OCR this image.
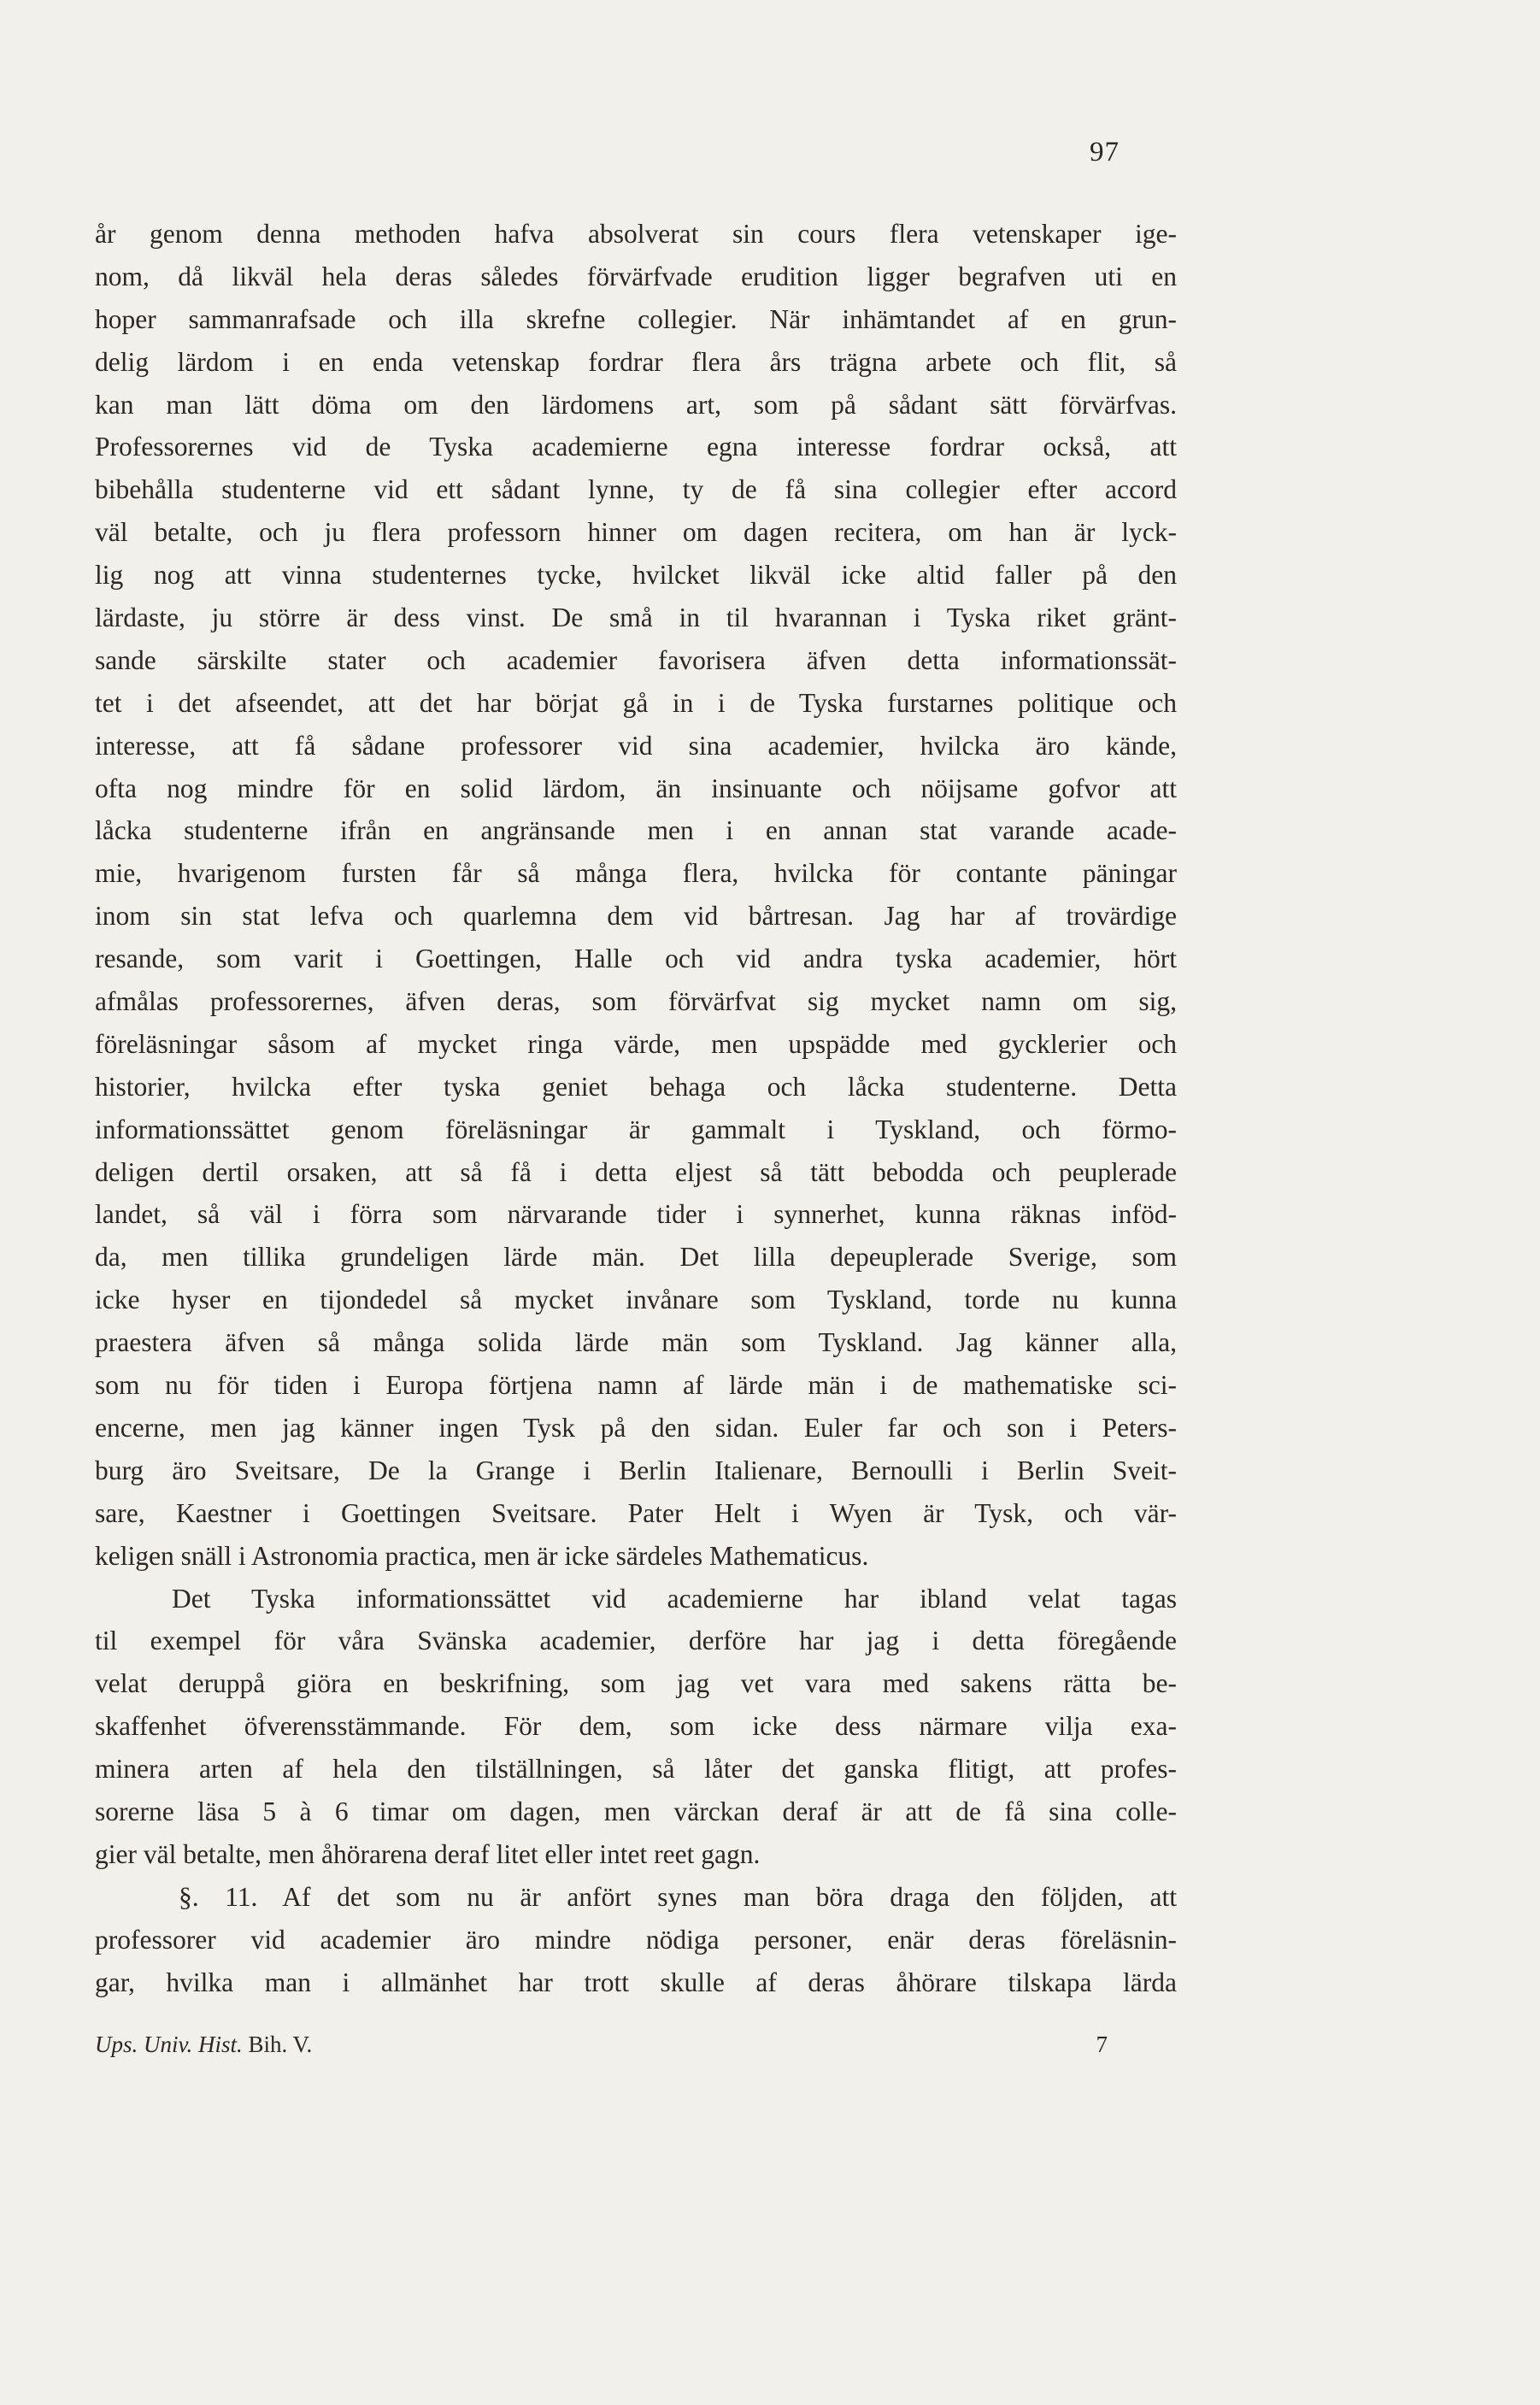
97
år genom denna methoden hafva absolverat sin cours flera vetenskaper ige-
nom, då likväl hela deras således förvärfvade erudition ligger begrafven uti en
hoper sammanrafsade och illa skrefne collegier. När inhämtandet af en grun-
delig lärdom i en enda vetenskap fordrar flera års trägna arbete och flit, så
kan man lätt döma om den lärdomens art, som på sådant sätt förvärfvas.
Professorernes vid de Tyska academierne egna interesse fordrar också, att
bibehålla studenterne vid ett sådant lynne, ty de få sina collegier efter accord
väl betalte, och ju flera professorn hinner om dagen recitera, om han är lyck-
lig nog att vinna studenternes tycke, hvilcket likväl icke altid faller på den
lärdaste, ju större är dess vinst. De små in til hvarannan i Tyska riket gränt-
sande särskilte stater och academier favorisera äfven detta informationssät-
tet i det afseendet, att det har börjat gå in i de Tyska furstarnes politique och
interesse, att få sådane professorer vid sina academier, hvilcka äro kände,
ofta nog mindre för en solid lärdom, än insinuante och nöijsame gofvor att
låcka studenterne ifrån en angränsande men i en annan stat varande acade-
mie, hvarigenom fursten får så många flera, hvilcka för contante päningar
inom sin stat lefva och quarlemna dem vid bårtresan. Jag har af trovärdige
resande, som varit i Goettingen, Halle och vid andra tyska academier, hört
afmålas professorernes, äfven deras, som förvärfvat sig mycket namn om sig,
föreläsningar såsom af mycket ringa värde, men upspädde med gycklerier och
historier, hvilcka efter tyska geniet behaga och låcka studenterne. Detta
informationssättet genom föreläsningar är gammalt i Tyskland, och förmo-
deligen dertil orsaken, att så få i detta eljest så tätt bebodda och peuplerade
landet, så väl i förra som närvarande tider i synnerhet, kunna räknas inföd-
da, men tillika grundeligen lärde män. Det lilla depeuplerade Sverige, som
icke hyser en tijondedel så mycket invånare som Tyskland, torde nu kunna
praestera äfven så många solida lärde män som Tyskland. Jag känner alla,
som nu för tiden i Europa förtjena namn af lärde män i de mathematiske sci-
encerne, men jag känner ingen Tysk på den sidan. Euler far och son i Peters-
burg äro Sveitsare, De la Grange i Berlin Italienare, Bernoulli i Berlin Sveit-
sare, Kaestner i Goettingen Sveitsare. Pater Helt i Wyen är Tysk, och vär-
keligen snäll i Astronomia practica, men är icke särdeles Mathematicus.
Det Tyska informationssättet vid academierne har ibland velat tagas
til exempel för våra Svänska academier, derföre har jag i detta föregående
velat deruppå giöra en beskrifning, som jag vet vara med sakens rätta be-
skaffenhet öfverensstämmande. För dem, som icke dess närmare vilja exa-
minera arten af hela den tilställningen, så låter det ganska flitigt, att profes-
sorerne läsa 5 à 6 timar om dagen, men värckan deraf är att de få sina colle-
gier väl betalte, men åhörarena deraf litet eller intet reet gagn.
§. 11. Af det som nu är anfört synes man böra draga den följden, att
professorer vid academier äro mindre nödiga personer, enär deras föreläsnin-
gar, hvilka man i allmänhet har trott skulle af deras åhörare tilskapa lärda
Ups. Univ. Hist. Bih. V.	7
